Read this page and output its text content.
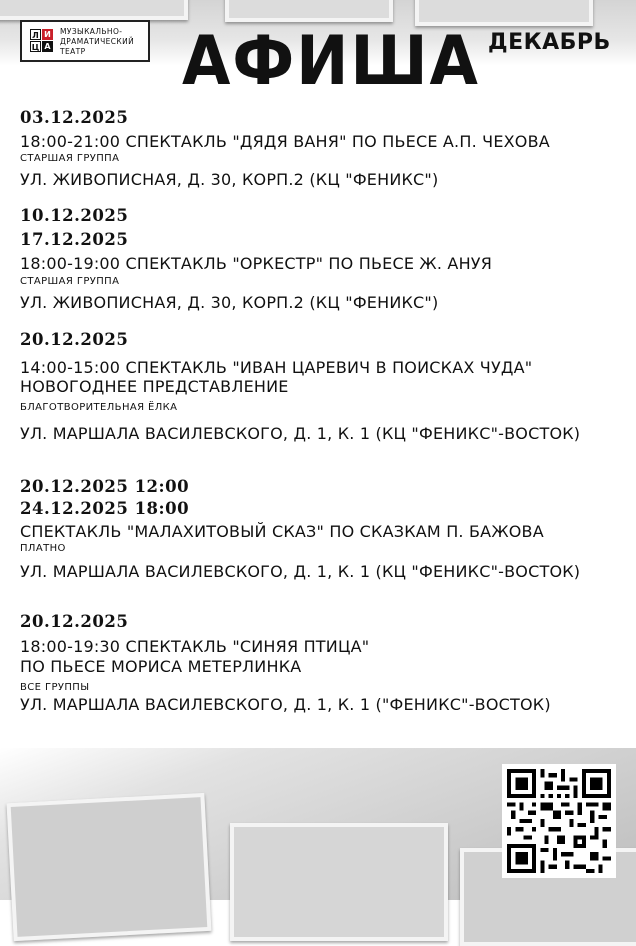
Л И
Ц А
МУЗЫКАЛЬНО-
ДРАМАТИЧЕСКИЙ
ТЕАТР	АФИША ДЕКАБРЬ
03.12.2025
18:00-21:00 СПЕКТАКЛЬ "ДЯДЯ ВАНЯ" ПО ПЬЕСЕ А.П. ЧЕХОВА
СТАРШАЯ ГРУППА
УЛ. ЖИВОПИСНАЯ, Д. 30, КОРП.2 (КЦ "ФЕНИКС")
10.12.2025
17.12.2025
18:00-19:00 СПЕКТАКЛЬ "ОРКЕСТР" ПО ПЬЕСЕ Ж. АНУЯ
СТАРШАЯ ГРУППА
УЛ. ЖИВОПИСНАЯ, Д. 30, КОРП.2 (КЦ "ФЕНИКС")
20.12.2025
14:00-15:00 СПЕКТАКЛЬ "ИВАН ЦАРЕВИЧ В ПОИСКАХ ЧУДА"
НОВОГОДНЕЕ ПРЕДСТАВЛЕНИЕ
БЛАГОТВОРИТЕЛЬНАЯ ЁЛКА
УЛ. МАРШАЛА ВАСИЛЕВСКОГО, Д. 1, К. 1 (КЦ "ФЕНИКС"-ВОСТОК)
20.12.2025 12:00
24.12.2025 18:00
СПЕКТАКЛЬ "МАЛАХИТОВЫЙ СКАЗ" ПО СКАЗКАМ П. БАЖОВА
ПЛАТНО
УЛ. МАРШАЛА ВАСИЛЕВСКОГО, Д. 1, К. 1 (КЦ "ФЕНИКС"-ВОСТОК)
20.12.2025
18:00-19:30 СПЕКТАКЛЬ "СИНЯЯ ПТИЦА"
ПО ПЬЕСЕ МОРИСА МЕТЕРЛИНКА
ВСЕ ГРУППЫ
УЛ. МАРШАЛА ВАСИЛЕВСКОГО, Д. 1, К. 1 ("ФЕНИКС"-ВОСТОК)
